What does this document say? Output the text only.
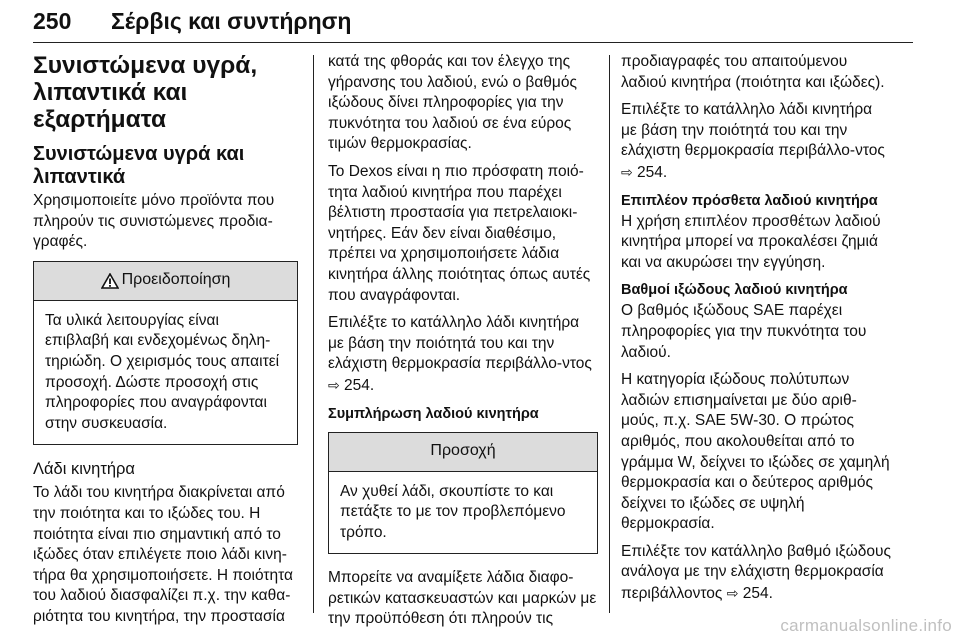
250 Σέρβις και συντήρηση
Συνιστώμενα υγρά, λιπαντικά και εξαρτήματα
Συνιστώμενα υγρά και λιπαντικά

Χρησιμοποιείτε μόνο προϊόντα που πληρούν τις συνιστώμενες προδια-γραφές.

Προειδοποίηση
Τα υλικά λειτουργίας είναι επιβλαβή και ενδεχομένως δηλη-τηριώδη. Ο χειρισμός τους απαιτεί προσοχή. Δώστε προσοχή στις πληροφορίες που αναγράφονται στην συσκευασία.
Λάδι κινητήρα

Το λάδι του κινητήρα διακρίνεται από την ποιότητα και το ιξώδες του. Η ποιότητα είναι πιο σημαντική από το ιξώδες όταν επιλέγετε ποιο λάδι κινη-τήρα θα χρησιμοποιήσετε. Η ποιότητα του λαδιού διασφαλίζει π.χ. την καθα-ριότητα του κινητήρα, την προστασία

κατά της φθοράς και τον έλεγχο της γήρανσης του λαδιού, ενώ ο βαθμός ιξώδους δίνει πληροφορίες για την πυκνότητα του λαδιού σε ένα εύρος τιμών θερμοκρασίας.

Το Dexos είναι η πιο πρόσφατη ποιό-τητα λαδιού κινητήρα που παρέχει βέλτιστη προστασία για πετρελαιοκι-νητήρες. Εάν δεν είναι διαθέσιμο, πρέπει να χρησιμοποιήσετε λάδια κινητήρα άλλης ποιότητας όπως αυτές που αναγράφονται.

Επιλέξτε το κατάλληλο λάδι κινητήρα με βάση την ποιότητά του και την ελάχιστη θερμοκρασία περιβάλλο-ντος ⇨ 254.

Συμπλήρωση λαδιού κινητήρα
Προσοχή
Αν χυθεί λάδι, σκουπίστε το και πετάξτε το με τον προβλεπόμενο τρόπο.

Μπορείτε να αναμίξετε λάδια διαφο-ρετικών κατασκευαστών και μαρκών με την προϋπόθεση ότι πληρούν τις

προδιαγραφές του απαιτούμενου λαδιού κινητήρα (ποιότητα και ιξώδες).

Επιλέξτε το κατάλληλο λάδι κινητήρα με βάση την ποιότητά του και την ελάχιστη θερμοκρασία περιβάλλο-ντος ⇨ 254.

Επιπλέον πρόσθετα λαδιού κινητήρα

Η χρήση επιπλέον προσθέτων λαδιού κινητήρα μπορεί να προκαλέσει ζημιά και να ακυρώσει την εγγύηση.

Βαθμοί ιξώδους λαδιού κινητήρα

Ο βαθμός ιξώδους SAE παρέχει πληροφορίες για την πυκνότητα του λαδιού.

Η κατηγορία ιξώδους πολύτυπων λαδιών επισημαίνεται με δύο αριθ-μούς, π.χ. SAE 5W-30. Ο πρώτος αριθμός, που ακολουθείται από το γράμμα W, δείχνει το ιξώδες σε χαμηλή θερμοκρασία και ο δεύτερος αριθμός δείχνει το ιξώδες σε υψηλή θερμοκρασία.

Επιλέξτε τον κατάλληλο βαθμό ιξώδους ανάλογα με την ελάχιστη θερμοκρασία περιβάλλοντος ⇨ 254.

carmanualsonline.info
